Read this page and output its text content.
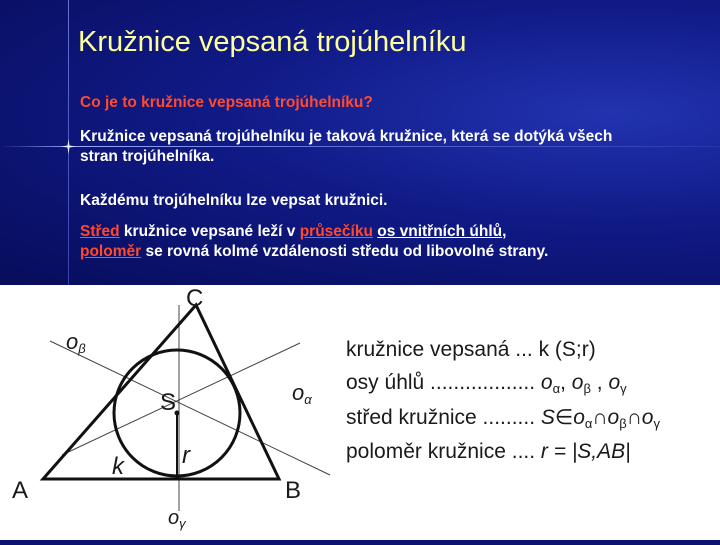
Kružnice vepsaná trojúhelníku
Co je to kružnice vepsaná trojúhelníku?
Kružnice vepsaná trojúhelníku je taková kružnice, která se dotýká všech stran trojúhelníka.
Každému trojúhelníku lze vepsat kružnici.
Střed kružnice vepsané leží v průsečíku os vnitřních úhlů,
poloměr se rovná kolmé vzdálenosti středu od libovolné strany.
C
A	B
S
k r
oβ
oα
$o_\gamma$
kružnice vepsaná ... k (S;r)
osy úhlů .................. oα, oβ , oγ
střed kružnice ......... S∈oα∩oβ∩oγ
poloměr kružnice .... r = |S,AB|
